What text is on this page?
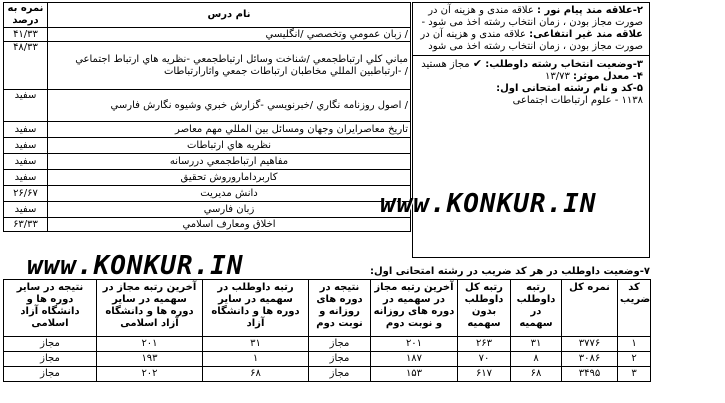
نمره به درصد	نام درس
۴۱/۳۳	زبان عمومي وتخصصي /انگليسي /
۴۸/۳۳	مباني كلي ارتباطجمعي /شناخت وسائل ارتباطجمعي -نظريه هاي ارتباط اجتماعي -ارتباطبين المللي مخاطبان ارتباطات جمعي واثارارتباطات /
سفيد	اصول روزنامه نگاري /خبرنويسي -گزارش خبري وشيوه نگارش فارسي /
سفيد	تاريخ معاصرايران وجهان ومسائل بين المللي مهم معاصر
سفيد	نظريه هاي ارتباطات
سفيد	مفاهيم ارتباطجمعي دررسانه
سفيد	كاربرداماروروش تحقيق
۲۶/۶۷	دانش مديريت
سفيد	زبان فارسي
۶۳/۳۳	اخلاق ومعارف اسلامي

۲-علاقه مند پیام نور : علاقه مندی و هزینه آن در صورت مجاز بودن ، زمان انتخاب رشته اخذ می شود - علاقه مند غیر انتفاعی: علاقه مندی و هزینه آن در صورت مجاز بودن ، زمان انتخاب رشته اخذ می شود

۳-وضعیت انتخاب رشته داوطلب: ✔ مجاز هستید

۴- معدل موثر: ۱۳/۷۳

۵-كد و نام رشته امتحانی اول:

۱۱۳۸ - علوم ارتباطات اجتماعی

www.KONKUR.IN
www.KONKUR.IN	۷-وضعیت داوطلب در هر كد ضریب در رشته امتحانی اول:
نتیجه در سایر دوره ها و دانشگاه آزاد اسلامی	آخرین رتبه مجاز در سهمیه در سایر دوره ها و دانشگاه آزاد اسلامی	رتبه داوطلب در سهمیه در سایر دوره ها و دانشگاه آزاد	نتیجه در دوره های روزانه و نوبت دوم	آخرین رتبه مجاز در سهمیه در دوره های روزانه و نوبت دوم	رتبه كل داوطلب بدون سهمیه	رتبه داوطلب در سهمیه	نمره كل	كد ضریب
مجاز	۲۰۱	۳۱	مجاز	۲۰۱	۲۶۳	۳۱	۳۷۷۶	۱
مجاز	۱۹۳	۱	مجاز	۱۸۷	۷۰	۸	۳۰۸۶	۲
مجاز	۲۰۲	۶۸	مجاز	۱۵۳	۶۱۷	۶۸	۳۴۹۵	۳
